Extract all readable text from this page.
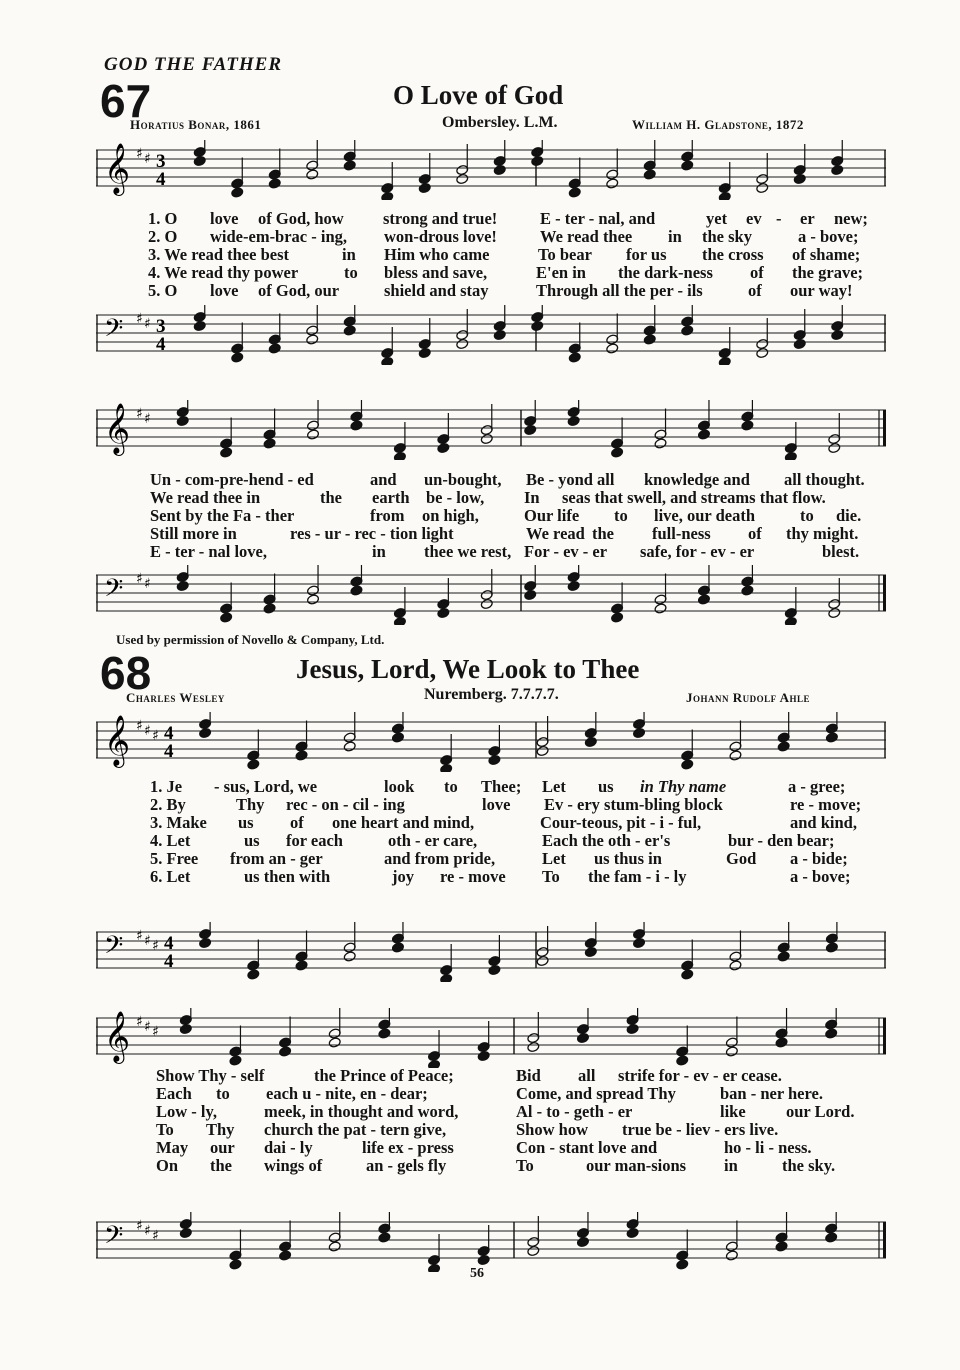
GOD THE FATHER
67	O Love of God
Horatius Bonar, 1861	Ombersley. L.M.	William H. Gladstone, 1872
𝄞 ♯ ♯ 3
4
𝄢 ♯ ♯ 3
4
𝄞 ♯ ♯
𝄢 ♯ ♯
1. O love of God, how strong and true!	E - ter - nal, and	yet ev - er new;
2. O wide-em-brac - ing, won-drous love!	We read thee in the sky	a - bove;
3. We read thee best	in Him who came	To bear for us the cross of shame;
4. We read thy power	to bless and save,	E'en in the dark-ness of the grave;
5. O love of God, our	shield and stay	Through all the per - ils	of our way!
Un - com-pre-hend - ed	and un-bought, Be - yond all knowledge and all thought.
We read thee in	the earth be - low, In seas that swell, and streams that flow.
Sent by the Fa - ther	from on high,	Our life to live, our death	to die.
Still more in	res - ur - rec - tion light	We read the full-ness of thy might.
E - ter - nal love,	in thee we rest, For - ev - er safe, for - ev - er	blest.
Used by permission of Novello & Company, Ltd.
68	Jesus, Lord, We Look to Thee
Charles Wesley	Nuremberg. 7.7.7.7.	Johann Rudolf Ahle
𝄞 ♯ ♯ ♯ 4
4
𝄢 ♯ ♯ ♯ 4
4
𝄞 ♯ ♯ ♯
𝄢 ♯ ♯ ♯
1. Je - sus, Lord, we	look to Thee; Let us in Thy name	a - gree;
2. By	Thy rec - on - cil - ing	love Ev - ery stum-bling block	re - move;
3. Make us of one heart and mind,	Cour-teous, pit - i - ful,	and kind,
4. Let	us for each	oth - er care,	Each the oth - er's	bur - den bear;
5. Free from an - ger	and from pride,	Let us thus in	God a - bide;
6. Let	us then with	joy re - move To the fam - i - ly	a - bove;
Show Thy - self	the Prince of Peace;	Bid all strife for - ev - er cease.
Each to each u - nite, en - dear;	Come, and spread Thy	ban - ner here.
Low - ly,	meek, in thought and word,	Al - to - geth - er	like our Lord.
To Thy church the pat - tern give,	Show how true be - liev - ers live.
May our dai - ly	life ex - press	Con - stant love and	ho - li - ness.
On the wings of	an - gels fly	To	our man-sions in	the sky.
56
